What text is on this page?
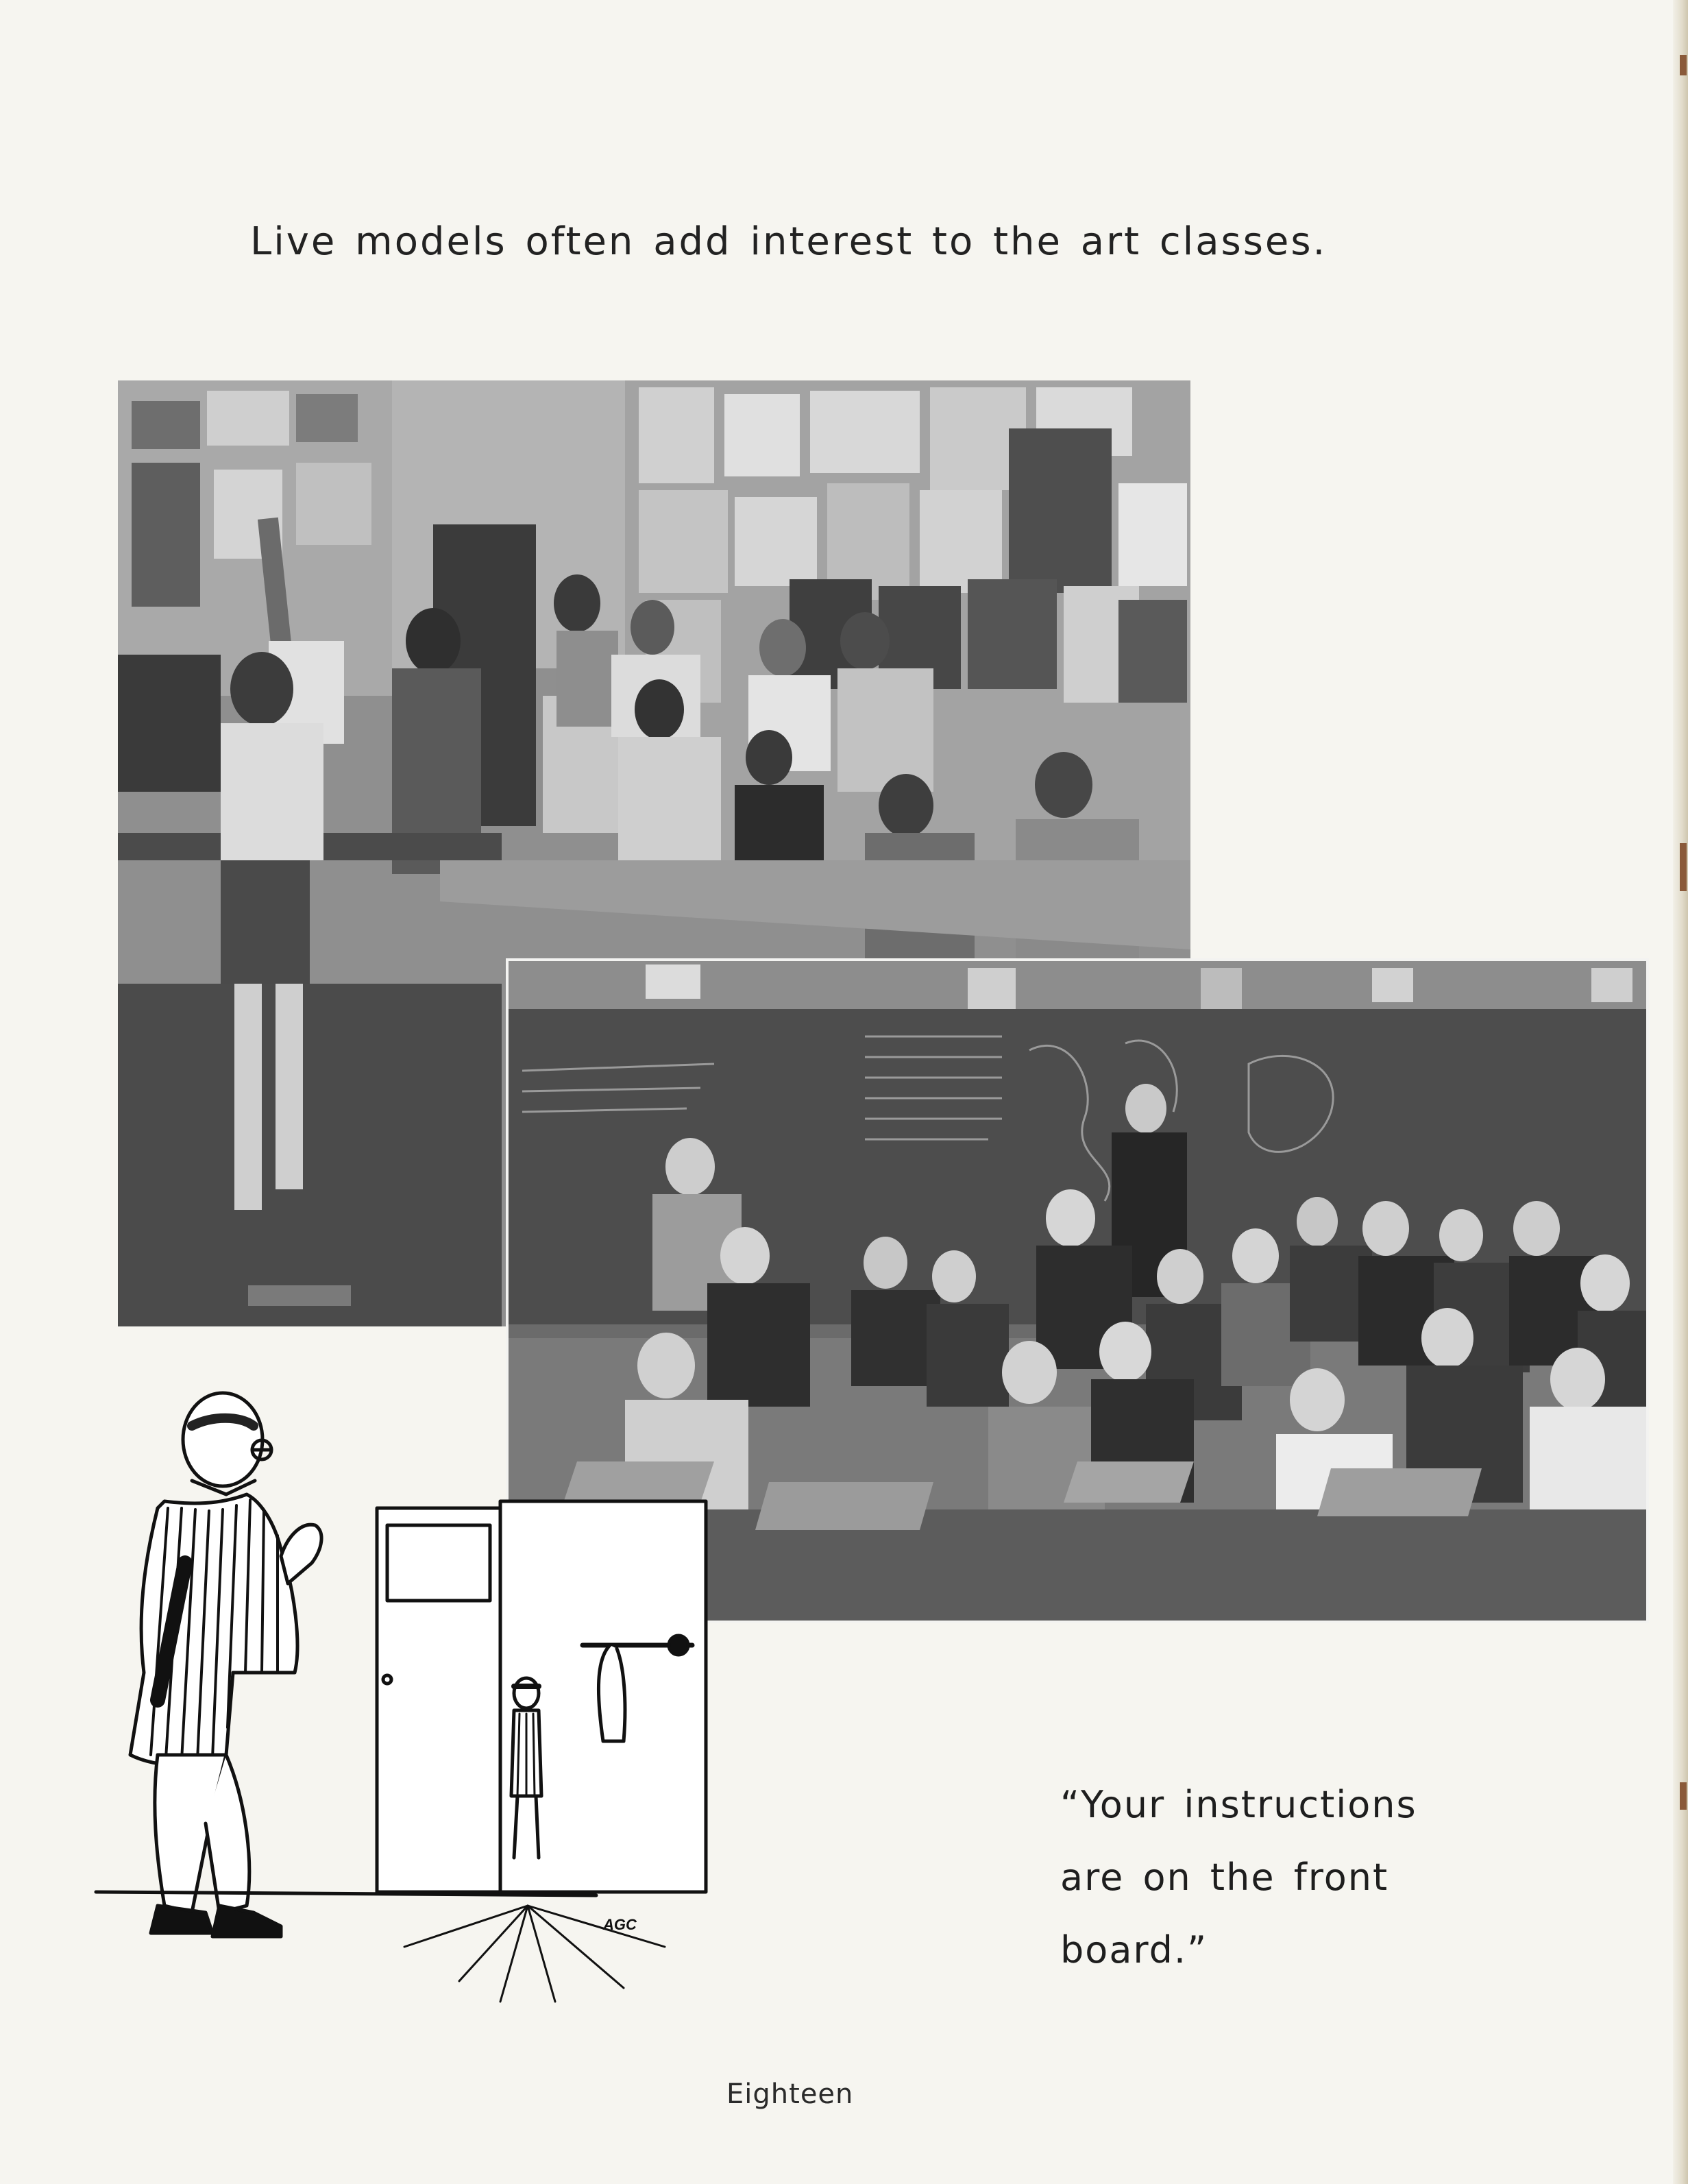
Live models often add interest to the art classes.
AGC
“Your instructions
are on the front
board.”
Eighteen
